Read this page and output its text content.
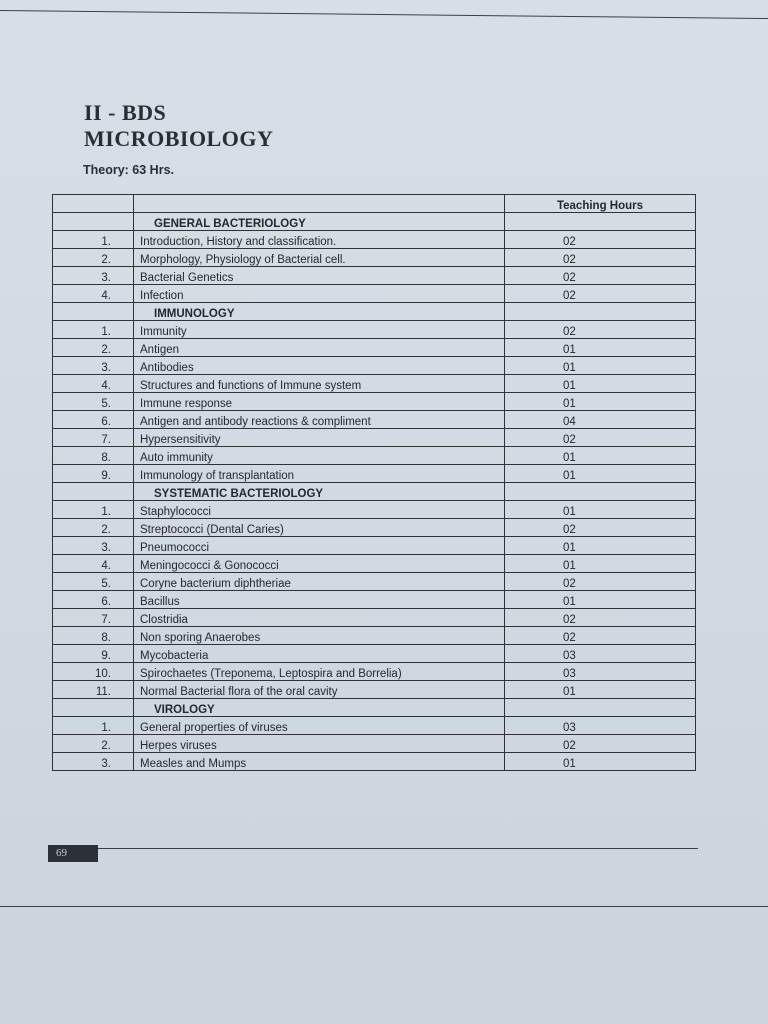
II - BDS
MICROBIOLOGY
Theory: 63 Hrs.
		Teaching Hours
	GENERAL BACTERIOLOGY	
1.	Introduction, History and classification.	02
2.	Morphology, Physiology of Bacterial cell.	02
3.	Bacterial Genetics	02
4.	Infection	02
	IMMUNOLOGY	
1.	Immunity	02
2.	Antigen	01
3.	Antibodies	01
4.	Structures and functions of Immune system	01
5.	Immune response	01
6.	Antigen and antibody reactions & compliment	04
7.	Hypersensitivity	02
8.	Auto immunity	01
9.	Immunology of transplantation	01
	SYSTEMATIC BACTERIOLOGY	
1.	Staphylococci	01
2.	Streptococci (Dental Caries)	02
3.	Pneumococci	01
4.	Meningococci & Gonococci	01
5.	Coryne bacterium diphtheriae	02
6.	Bacillus	01
7.	Clostridia	02
8.	Non sporing Anaerobes	02
9.	Mycobacteria	03
10.	Spirochaetes (Treponema, Leptospira and Borrelia)	03
11.	Normal Bacterial flora of the oral cavity	01
	VIROLOGY	
1.	General properties of viruses	03
2.	Herpes viruses	02
3.	Measles and Mumps	01
69
